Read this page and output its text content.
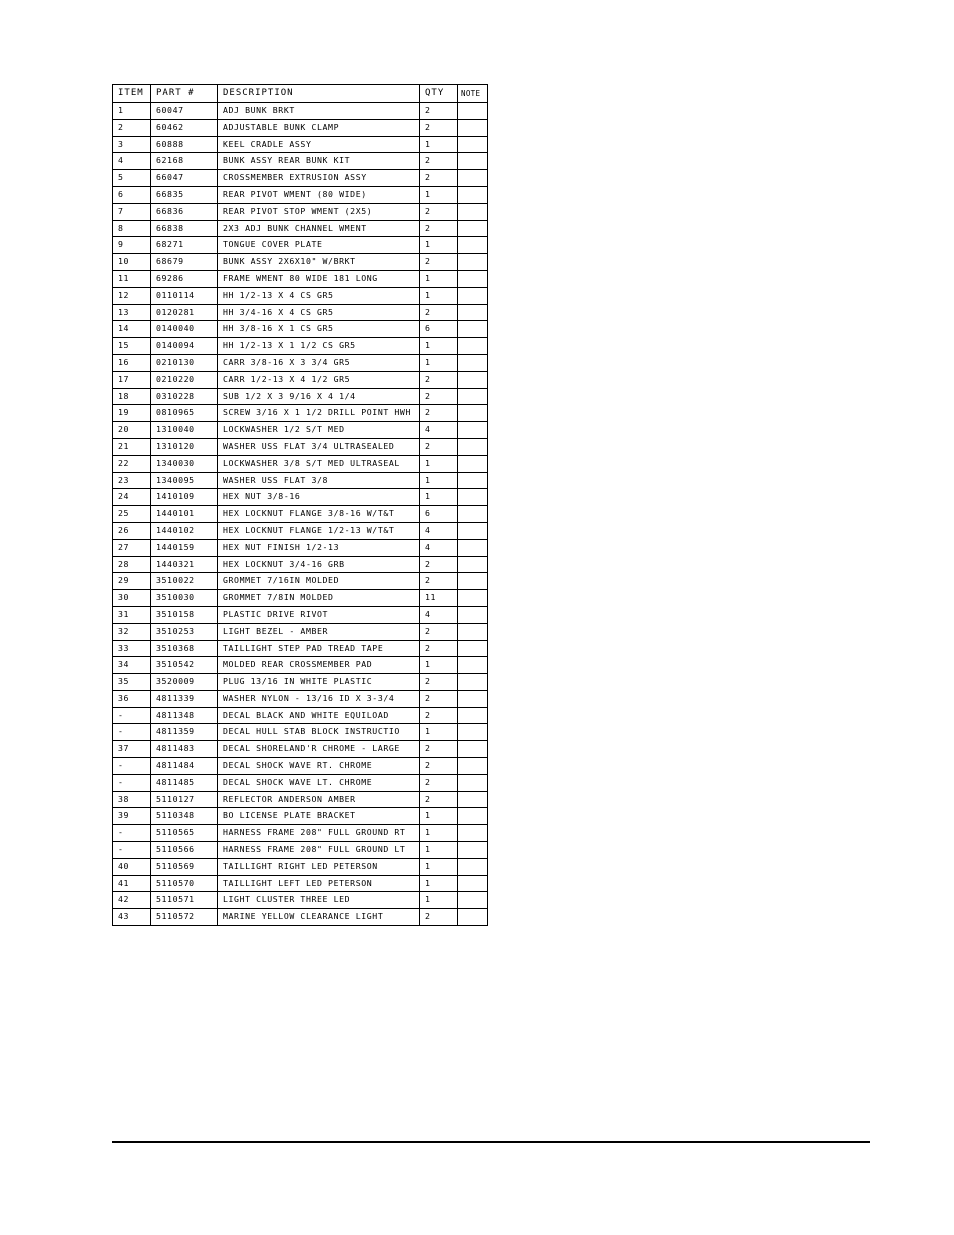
ITEM	PART #	DESCRIPTION	QTY	NOTE
1	60047	ADJ BUNK BRKT	2	
2	60462	ADJUSTABLE BUNK CLAMP	2	
3	60888	KEEL CRADLE ASSY	1	
4	62168	BUNK ASSY REAR BUNK KIT	2	
5	66047	CROSSMEMBER EXTRUSION ASSY	2	
6	66835	REAR PIVOT WMENT (80 WIDE)	1	
7	66836	REAR PIVOT STOP WMENT (2X5)	2	
8	66838	2X3 ADJ BUNK CHANNEL WMENT	2	
9	68271	TONGUE COVER PLATE	1	
10	68679	BUNK ASSY 2X6X10" W/BRKT	2	
11	69286	FRAME WMENT 80 WIDE 181 LONG	1	
12	0110114	HH 1/2-13 X 4 CS GR5	1	
13	0120281	HH 3/4-16 X 4 CS GR5	2	
14	0140040	HH 3/8-16 X 1 CS GR5	6	
15	0140094	HH 1/2-13 X 1 1/2 CS GR5	1	
16	0210130	CARR 3/8-16 X 3 3/4 GR5	1	
17	0210220	CARR 1/2-13 X 4 1/2 GR5	2	
18	0310228	SUB 1/2 X 3 9/16 X 4 1/4	2	
19	0810965	SCREW 3/16 X 1 1/2 DRILL POINT HWH	2	
20	1310040	LOCKWASHER 1/2 S/T MED	4	
21	1310120	WASHER USS FLAT 3/4 ULTRASEALED	2	
22	1340030	LOCKWASHER 3/8 S/T MED ULTRASEAL	1	
23	1340095	WASHER USS FLAT 3/8	1	
24	1410109	HEX NUT 3/8-16	1	
25	1440101	HEX LOCKNUT FLANGE 3/8-16 W/T&T	6	
26	1440102	HEX LOCKNUT FLANGE 1/2-13 W/T&T	4	
27	1440159	HEX NUT FINISH 1/2-13	4	
28	1440321	HEX LOCKNUT 3/4-16 GRB	2	
29	3510022	GROMMET 7/16IN MOLDED	2	
30	3510030	GROMMET 7/8IN MOLDED	11	
31	3510158	PLASTIC DRIVE RIVOT	4	
32	3510253	LIGHT BEZEL - AMBER	2	
33	3510368	TAILLIGHT STEP PAD TREAD TAPE	2	
34	3510542	MOLDED REAR CROSSMEMBER PAD	1	
35	3520009	PLUG 13/16 IN WHITE PLASTIC	2	
36	4811339	WASHER NYLON - 13/16 ID X 3-3/4	2	
-	4811348	DECAL BLACK AND WHITE EQUILOAD	2	
-	4811359	DECAL HULL STAB BLOCK INSTRUCTIO	1	
37	4811483	DECAL SHORELAND'R CHROME - LARGE	2	
-	4811484	DECAL SHOCK WAVE RT. CHROME	2	
-	4811485	DECAL SHOCK WAVE LT. CHROME	2	
38	5110127	REFLECTOR ANDERSON AMBER	2	
39	5110348	BO LICENSE PLATE BRACKET	1	
-	5110565	HARNESS FRAME 208" FULL GROUND RT	1	
-	5110566	HARNESS FRAME 208" FULL GROUND LT	1	
40	5110569	TAILLIGHT RIGHT LED PETERSON	1	
41	5110570	TAILLIGHT LEFT LED PETERSON	1	
42	5110571	LIGHT CLUSTER THREE LED	1	
43	5110572	MARINE YELLOW CLEARANCE LIGHT	2	
